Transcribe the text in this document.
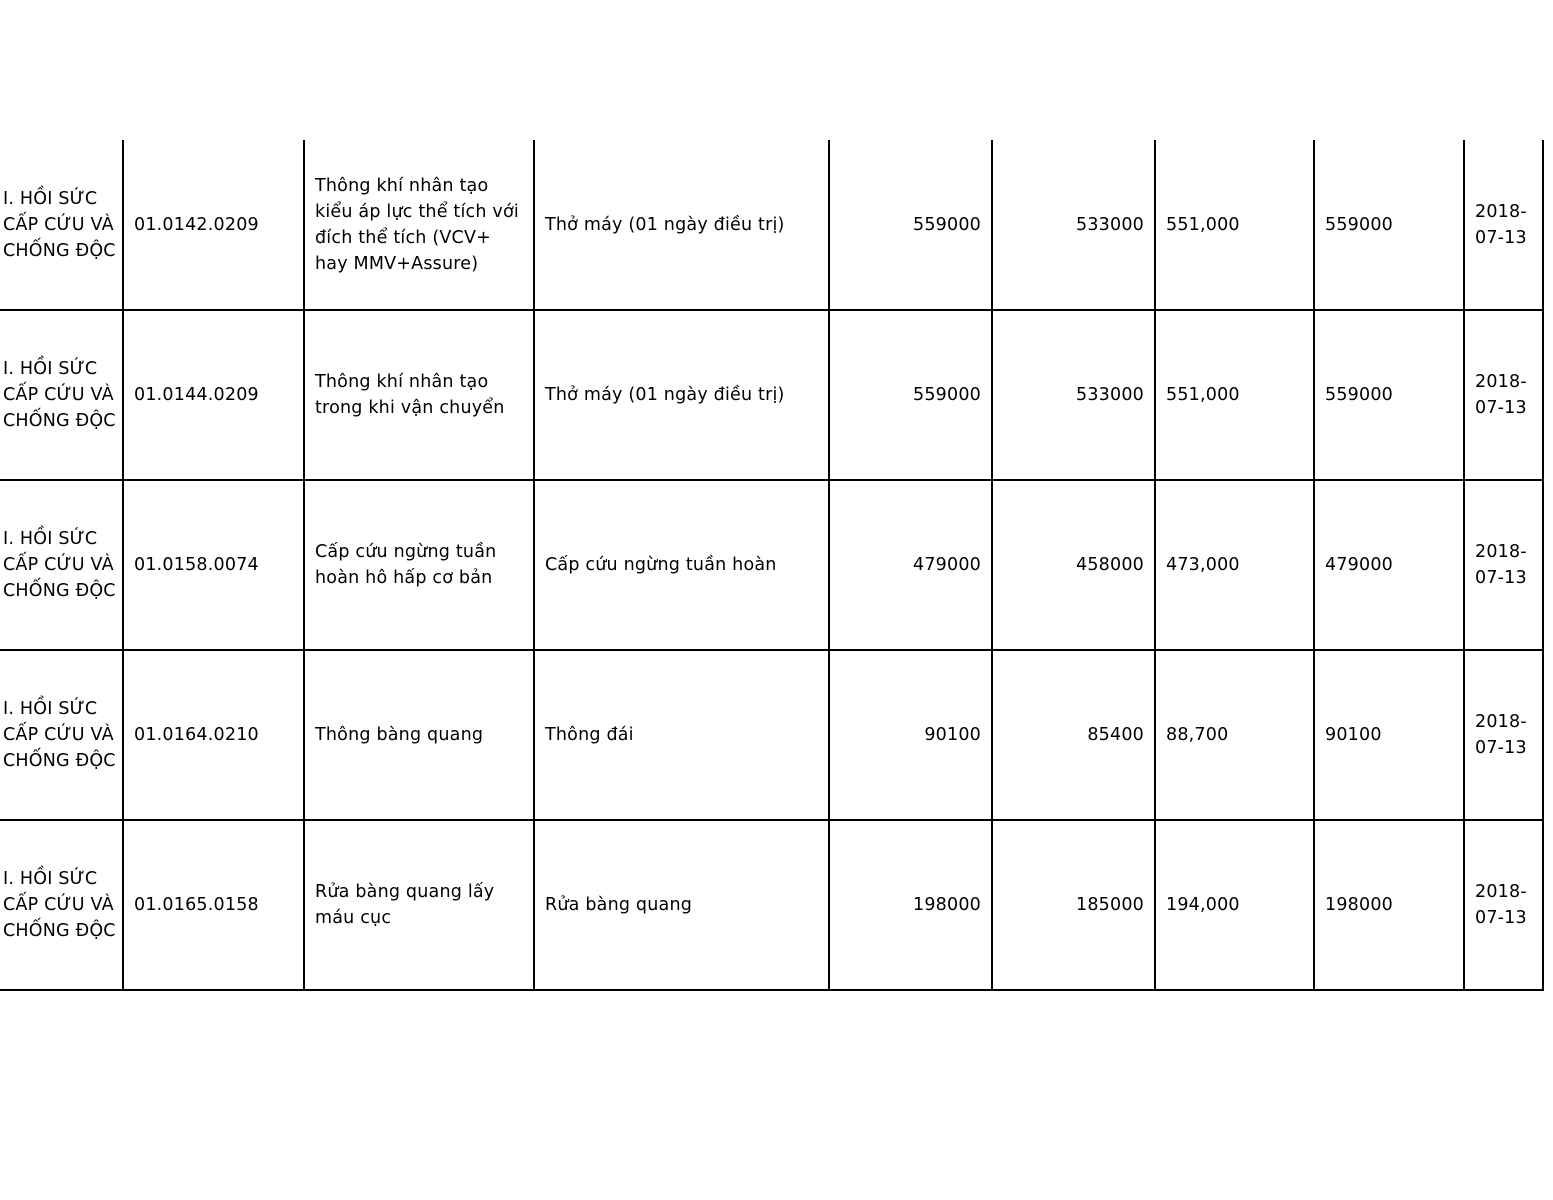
I. HỒI SỨC CẤP CỨU VÀ CHỐNG ĐỘC	01.0142.0209	Thông khí nhân tạo kiểu áp lực thể tích với đích thể tích (VCV+ hay MMV+Assure)	Thở máy (01 ngày điều trị)	559000	533000	551,000	559000	2018-07-13
I. HỒI SỨC CẤP CỨU VÀ CHỐNG ĐỘC	01.0144.0209	Thông khí nhân tạo trong khi vận chuyển	Thở máy (01 ngày điều trị)	559000	533000	551,000	559000	2018-07-13
I. HỒI SỨC CẤP CỨU VÀ CHỐNG ĐỘC	01.0158.0074	Cấp cứu ngừng tuần hoàn hô hấp cơ bản	Cấp cứu ngừng tuần hoàn	479000	458000	473,000	479000	2018-07-13
I. HỒI SỨC CẤP CỨU VÀ CHỐNG ĐỘC	01.0164.0210	Thông bàng quang	Thông đái	90100	85400	88,700	90100	2018-07-13
I. HỒI SỨC CẤP CỨU VÀ CHỐNG ĐỘC	01.0165.0158	Rửa bàng quang lấy máu cục	Rửa bàng quang	198000	185000	194,000	198000	2018-07-13
